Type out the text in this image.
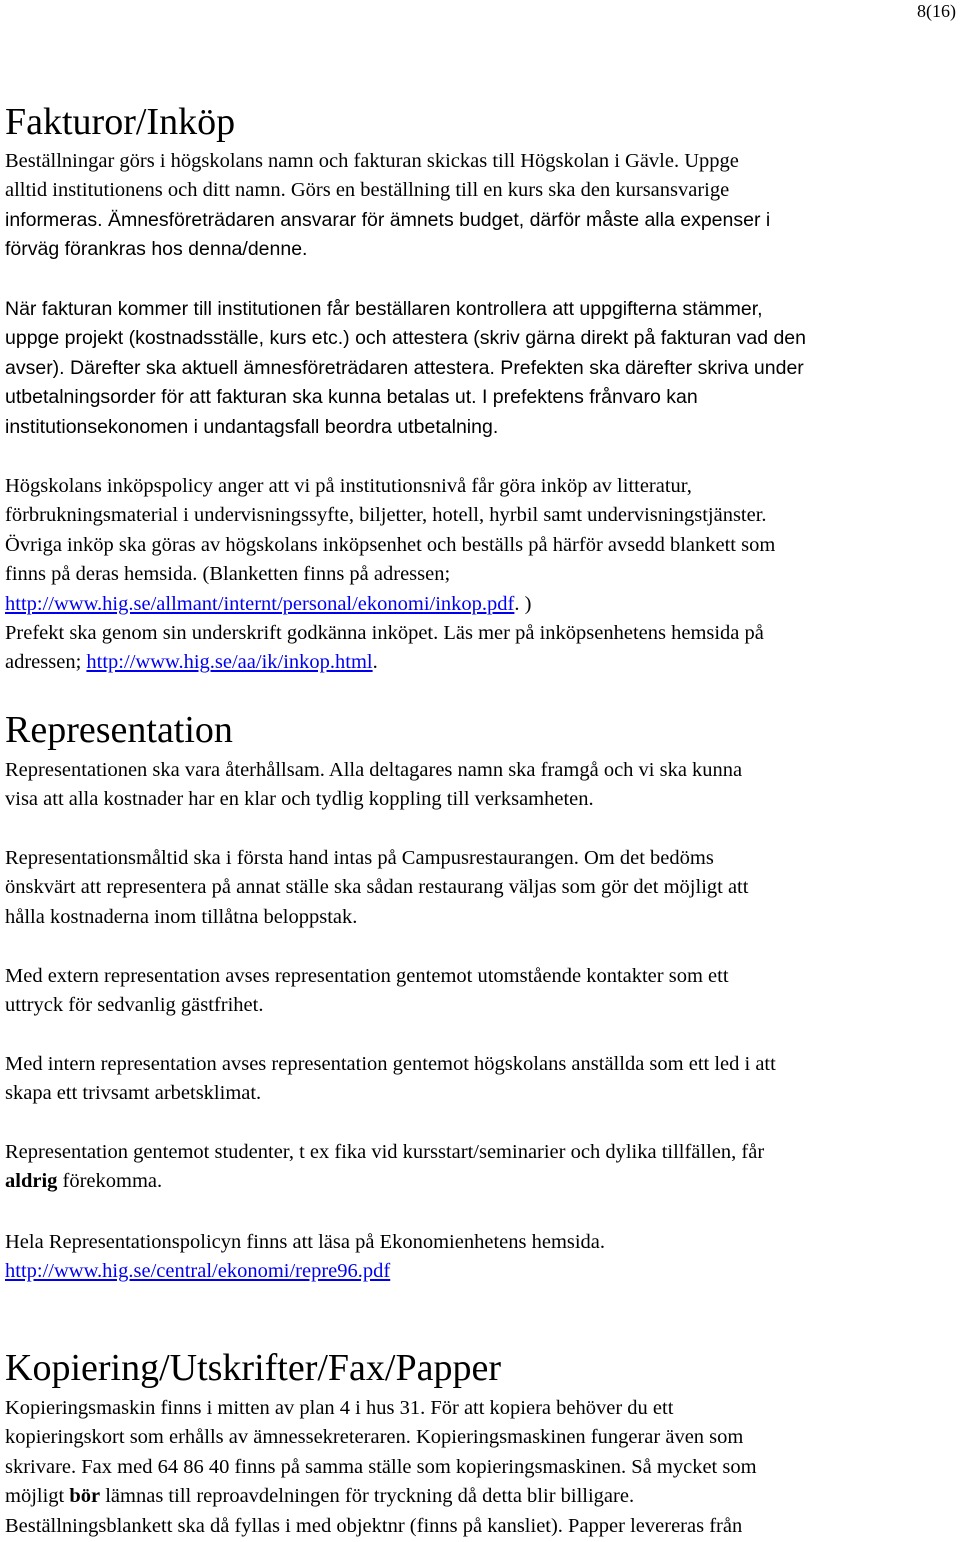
8(16)
Fakturor/Inköp

Beställningar görs i högskolans namn och fakturan skickas till Högskolan i Gävle. Uppge
alltid institutionens och ditt namn. Görs en beställning till en kurs ska den kursansvarige
informeras. Ämnesföreträdaren ansvarar för ämnets budget, därför måste alla expenser i
förväg förankras hos denna/denne.

När fakturan kommer till institutionen får beställaren kontrollera att uppgifterna stämmer,
uppge projekt (kostnadsställe, kurs etc.) och attestera (skriv gärna direkt på fakturan vad den
avser). Därefter ska aktuell ämnesföreträdaren attestera. Prefekten ska därefter skriva under
utbetalningsorder för att fakturan ska kunna betalas ut. I prefektens frånvaro kan
institutionsekonomen i undantagsfall beordra utbetalning.

Högskolans inköpspolicy anger att vi på institutionsnivå får göra inköp av litteratur,
förbrukningsmaterial i undervisningssyfte, biljetter, hotell, hyrbil samt undervisningstjänster.
Övriga inköp ska göras av högskolans inköpsenhet och beställs på härför avsedd blankett som
finns på deras hemsida. (Blanketten finns på adressen;
http://www.hig.se/allmant/internt/personal/ekonomi/inkop.pdf. )
Prefekt ska genom sin underskrift godkänna inköpet. Läs mer på inköpsenhetens hemsida på
adressen; http://www.hig.se/aa/ik/inkop.html.

Representation

Representationen ska vara återhållsam. Alla deltagares namn ska framgå och vi ska kunna
visa att alla kostnader har en klar och tydlig koppling till verksamheten.

Representationsmåltid ska i första hand intas på Campusrestaurangen. Om det bedöms
önskvärt att representera på annat ställe ska sådan restaurang väljas som gör det möjligt att
hålla kostnaderna inom tillåtna beloppstak.

Med extern representation avses representation gentemot utomstående kontakter som ett
uttryck för sedvanlig gästfrihet.

Med intern representation avses representation gentemot högskolans anställda som ett led i att
skapa ett trivsamt arbetsklimat.

Representation gentemot studenter, t ex fika vid kursstart/seminarier och dylika tillfällen, får
aldrig förekomma.

Hela Representationspolicyn finns att läsa på Ekonomienhetens hemsida.
http://www.hig.se/central/ekonomi/repre96.pdf

Kopiering/Utskrifter/Fax/Papper

Kopieringsmaskin finns i mitten av plan 4 i hus 31. För att kopiera behöver du ett
kopieringskort som erhålls av ämnessekreteraren. Kopieringsmaskinen fungerar även som
skrivare. Fax med 64 86 40 finns på samma ställe som kopieringsmaskinen. Så mycket som
möjligt bör lämnas till reproavdelningen för tryckning då detta blir billigare.
Beställningsblankett ska då fyllas i med objektnr (finns på kansliet). Papper levereras från
